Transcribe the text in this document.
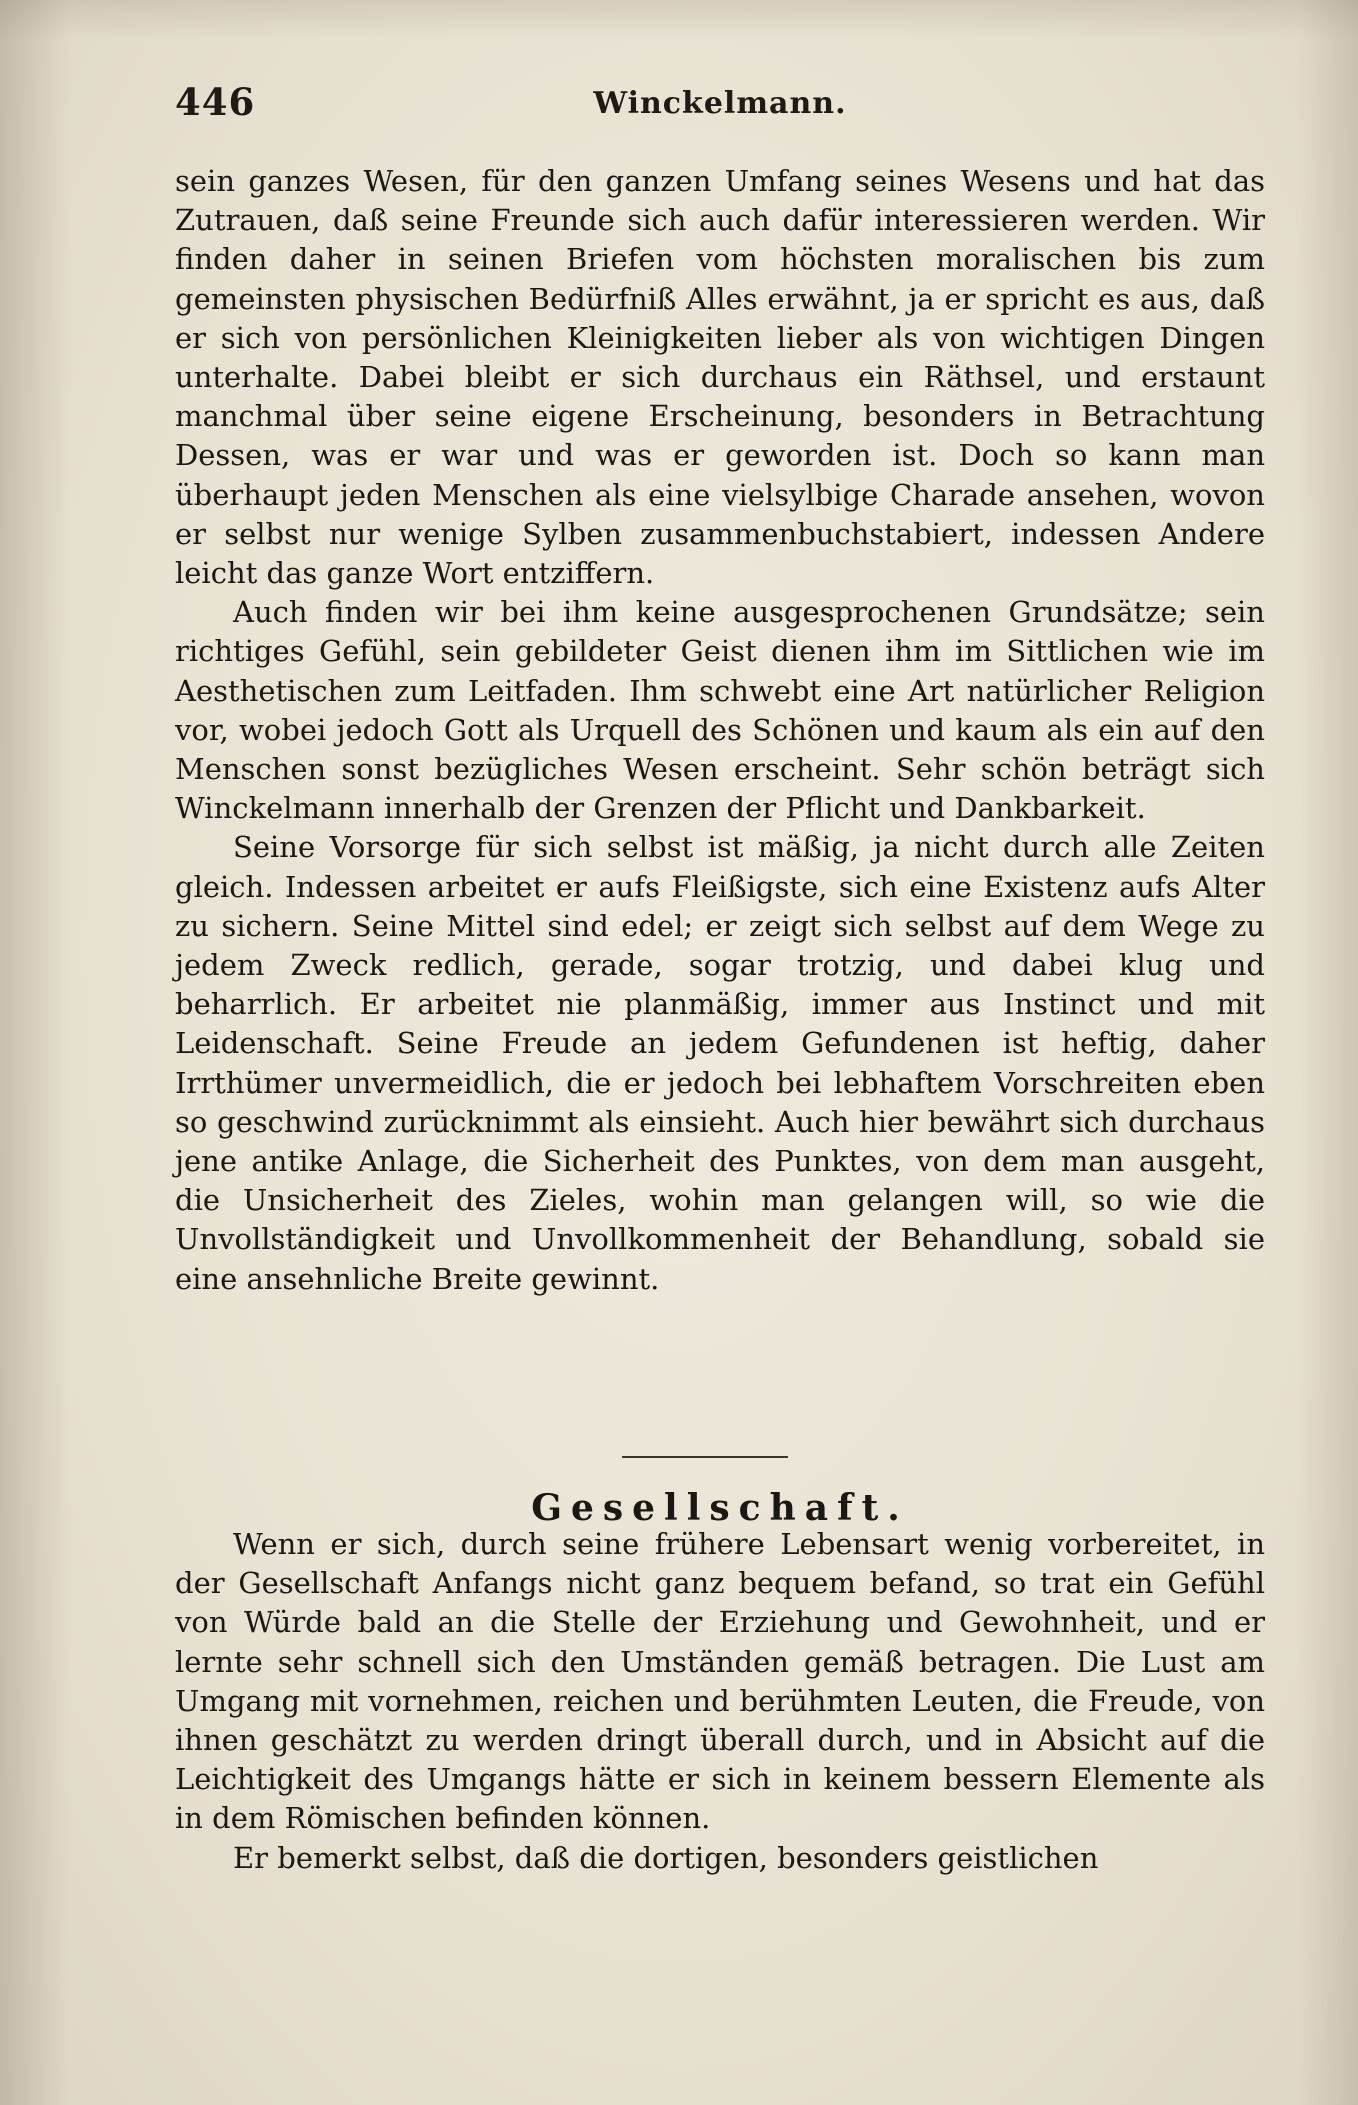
446	Winckelmann.

sein ganzes Wesen, für den ganzen Umfang seines Wesens und hat das Zutrauen, daß seine Freunde sich auch dafür interessieren werden. Wir finden daher in seinen Briefen vom höchsten moralischen bis zum gemeinsten physischen Bedürfniß Alles erwähnt, ja er spricht es aus, daß er sich von persönlichen Kleinigkeiten lieber als von wichtigen Dingen unterhalte. Dabei bleibt er sich durchaus ein Räthsel, und erstaunt manchmal über seine eigene Erscheinung, besonders in Betrachtung Dessen, was er war und was er geworden ist. Doch so kann man überhaupt jeden Menschen als eine vielsylbige Charade ansehen, wovon er selbst nur wenige Sylben zusammenbuchstabiert, indessen Andere leicht das ganze Wort entziffern.

Auch finden wir bei ihm keine ausgesprochenen Grundsätze; sein richtiges Gefühl, sein gebildeter Geist dienen ihm im Sittlichen wie im Aesthetischen zum Leitfaden. Ihm schwebt eine Art natürlicher Religion vor, wobei jedoch Gott als Urquell des Schönen und kaum als ein auf den Menschen sonst bezügliches Wesen erscheint. Sehr schön beträgt sich Winckelmann innerhalb der Grenzen der Pflicht und Dankbarkeit.

Seine Vorsorge für sich selbst ist mäßig, ja nicht durch alle Zeiten gleich. Indessen arbeitet er aufs Fleißigste, sich eine Existenz aufs Alter zu sichern. Seine Mittel sind edel; er zeigt sich selbst auf dem Wege zu jedem Zweck redlich, gerade, sogar trotzig, und dabei klug und beharrlich. Er arbeitet nie planmäßig, immer aus Instinct und mit Leidenschaft. Seine Freude an jedem Gefundenen ist heftig, daher Irrthümer unvermeidlich, die er jedoch bei lebhaftem Vorschreiten eben so geschwind zurücknimmt als einsieht. Auch hier bewährt sich durchaus jene antike Anlage, die Sicherheit des Punktes, von dem man ausgeht, die Unsicherheit des Zieles, wohin man gelangen will, so wie die Unvollständigkeit und Unvollkommenheit der Behandlung, sobald sie eine ansehnliche Breite gewinnt.

Gesellschaft.

Wenn er sich, durch seine frühere Lebensart wenig vorbereitet, in der Gesellschaft Anfangs nicht ganz bequem befand, so trat ein Gefühl von Würde bald an die Stelle der Erziehung und Gewohnheit, und er lernte sehr schnell sich den Umständen gemäß betragen. Die Lust am Umgang mit vornehmen, reichen und berühmten Leuten, die Freude, von ihnen geschätzt zu werden dringt überall durch, und in Absicht auf die Leichtigkeit des Umgangs hätte er sich in keinem bessern Elemente als in dem Römischen befinden können.

Er bemerkt selbst, daß die dortigen, besonders geistlichen
